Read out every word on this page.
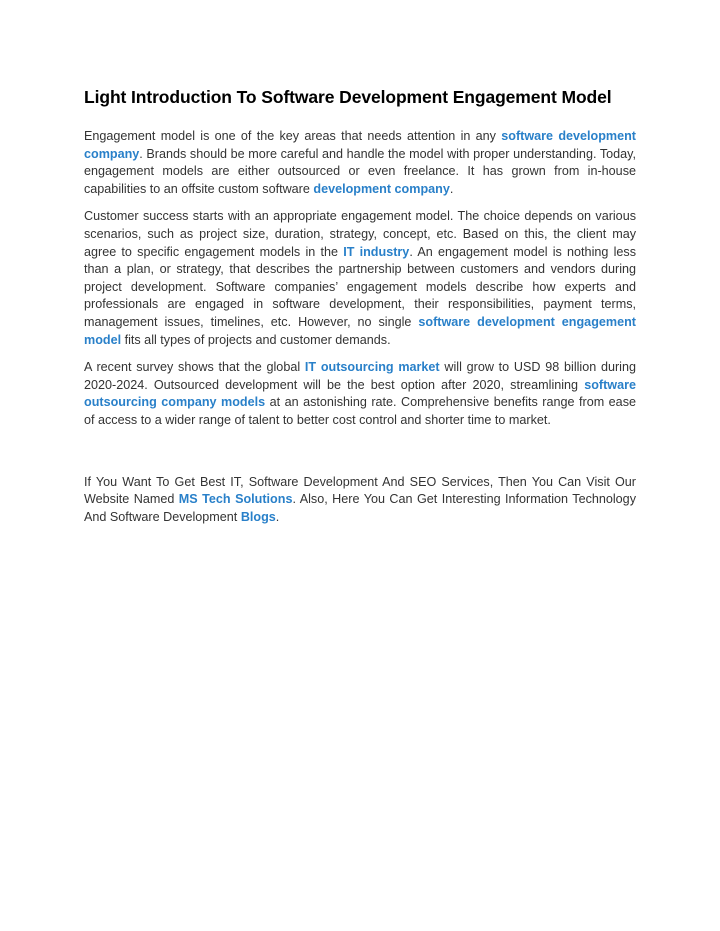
Light Introduction To Software Development Engagement Model

Engagement model is one of the key areas that needs attention in any software development company. Brands should be more careful and handle the model with proper understanding. Today, engagement models are either outsourced or even freelance. It has grown from in-house capabilities to an offsite custom software development company.

Customer success starts with an appropriate engagement model. The choice depends on various scenarios, such as project size, duration, strategy, concept, etc. Based on this, the client may agree to specific engagement models in the IT industry. An engagement model is nothing less than a plan, or strategy, that describes the partnership between customers and vendors during project development. Software companies’ engagement models describe how experts and professionals are engaged in software development, their responsibilities, payment terms, management issues, timelines, etc. However, no single software development engagement model fits all types of projects and customer demands.

A recent survey shows that the global IT outsourcing market will grow to USD 98 billion during 2020-2024. Outsourced development will be the best option after 2020, streamlining software outsourcing company models at an astonishing rate. Comprehensive benefits range from ease of access to a wider range of talent to better cost control and shorter time to market.

If You Want To Get Best IT, Software Development And SEO Services, Then You Can Visit Our Website Named MS Tech Solutions. Also, Here You Can Get Interesting Information Technology And Software Development Blogs.
